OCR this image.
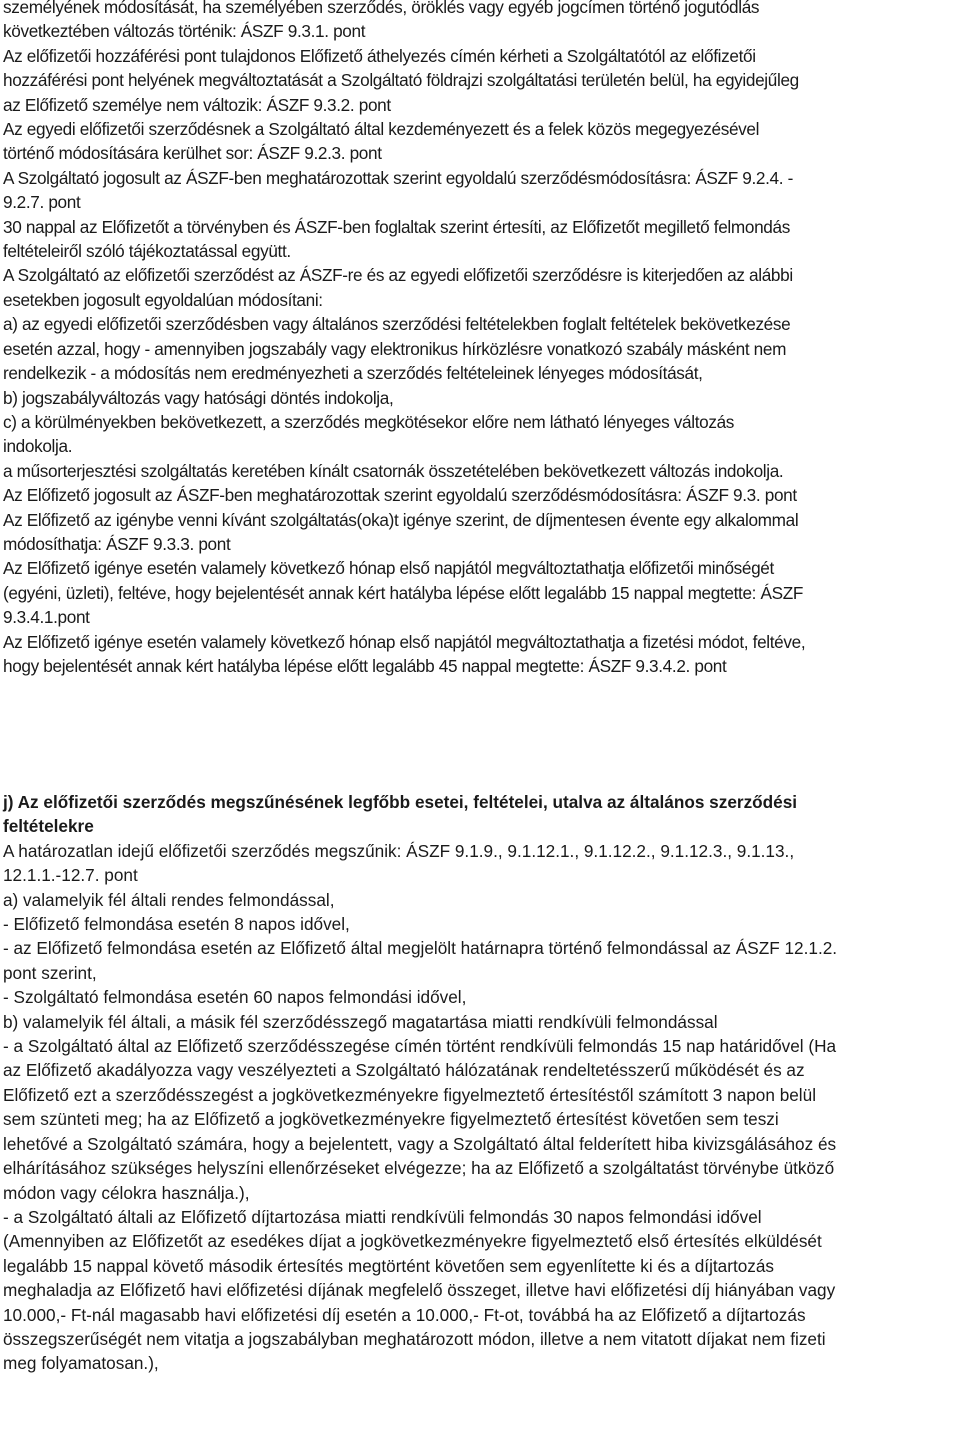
személyének módosítását, ha személyében szerződés, öröklés vagy egyéb jogcímen történő jogutódlás
következtében változás történik: ÁSZF 9.3.1. pont
Az előfizetői hozzáférési pont tulajdonos Előfizető áthelyezés címén kérheti a Szolgáltatótól az előfizetői
hozzáférési pont helyének megváltoztatását a Szolgáltató földrajzi szolgáltatási területén belül, ha egyidejűleg
az Előfizető személye nem változik: ÁSZF 9.3.2. pont
Az egyedi előfizetői szerződésnek a Szolgáltató által kezdeményezett és a felek közös megegyezésével
történő módosítására kerülhet sor: ÁSZF 9.2.3. pont
A Szolgáltató jogosult az ÁSZF-ben meghatározottak szerint egyoldalú szerződésmódosításra: ÁSZF 9.2.4. -
9.2.7. pont
30 nappal az Előfizetőt a törvényben és ÁSZF-ben foglaltak szerint értesíti, az Előfizetőt megillető felmondás
feltételeiről szóló tájékoztatással együtt.
A Szolgáltató az előfizetői szerződést az ÁSZF-re és az egyedi előfizetői szerződésre is kiterjedően az alábbi
esetekben jogosult egyoldalúan módosítani:
a) az egyedi előfizetői szerződésben vagy általános szerződési feltételekben foglalt feltételek bekövetkezése
esetén azzal, hogy - amennyiben jogszabály vagy elektronikus hírközlésre vonatkozó szabály másként nem
rendelkezik - a módosítás nem eredményezheti a szerződés feltételeinek lényeges módosítását,
b) jogszabályváltozás vagy hatósági döntés indokolja,
c) a körülményekben bekövetkezett, a szerződés megkötésekor előre nem látható lényeges változás
indokolja.
a műsorterjesztési szolgáltatás keretében kínált csatornák összetételében bekövetkezett változás indokolja.
Az Előfizető jogosult az ÁSZF-ben meghatározottak szerint egyoldalú szerződésmódosításra: ÁSZF 9.3. pont
Az Előfizető az igénybe venni kívánt szolgáltatás(oka)t igénye szerint, de díjmentesen évente egy alkalommal
módosíthatja: ÁSZF 9.3.3. pont
Az Előfizető igénye esetén valamely következő hónap első napjától megváltoztathatja előfizetői minőségét
(egyéni, üzleti), feltéve, hogy bejelentését annak kért hatályba lépése előtt legalább 15 nappal megtette: ÁSZF
9.3.4.1.pont
Az Előfizető igénye esetén valamely következő hónap első napjától megváltoztathatja a fizetési módot, feltéve,
hogy bejelentését annak kért hatályba lépése előtt legalább 45 nappal megtette: ÁSZF 9.3.4.2. pont
j) Az előfizetői szerződés megszűnésének legfőbb esetei, feltételei, utalva az általános szerződési
feltételekre
A határozatlan idejű előfizetői szerződés megszűnik: ÁSZF 9.1.9., 9.1.12.1., 9.1.12.2., 9.1.12.3., 9.1.13.,
12.1.1.-12.7. pont
a) valamelyik fél általi rendes felmondással,
- Előfizető felmondása esetén 8 napos idővel,
- az Előfizető felmondása esetén az Előfizető által megjelölt határnapra történő felmondással az ÁSZF 12.1.2.
pont szerint,
- Szolgáltató felmondása esetén 60 napos felmondási idővel,
b) valamelyik fél általi, a másik fél szerződésszegő magatartása miatti rendkívüli felmondással
- a Szolgáltató által az Előfizető szerződésszegése címén történt rendkívüli felmondás 15 nap határidővel (Ha
az Előfizető akadályozza vagy veszélyezteti a Szolgáltató hálózatának rendeltetésszerű működését és az
Előfizető ezt a szerződésszegést a jogkövetkezményekre figyelmeztető értesítéstől számított 3 napon belül
sem szünteti meg; ha az Előfizető a jogkövetkezményekre figyelmeztető értesítést követően sem teszi
lehetővé a Szolgáltató számára, hogy a bejelentett, vagy a Szolgáltató által felderített hiba kivizsgálásához és
elhárításához szükséges helyszíni ellenőrzéseket elvégezze; ha az Előfizető a szolgáltatást törvénybe ütköző
módon vagy célokra használja.),
- a Szolgáltató általi az Előfizető díjtartozása miatti rendkívüli felmondás 30 napos felmondási idővel
(Amennyiben az Előfizetőt az esedékes díjat a jogkövetkezményekre figyelmeztető első értesítés elküldését
legalább 15 nappal követő második értesítés megtörtént követően sem egyenlítette ki és a díjtartozás
meghaladja az Előfizető havi előfizetési díjának megfelelő összeget, illetve havi előfizetési díj hiányában vagy
10.000,- Ft-nál magasabb havi előfizetési díj esetén a 10.000,- Ft-ot, továbbá ha az Előfizető a díjtartozás
összegszerűségét nem vitatja a jogszabályban meghatározott módon, illetve a nem vitatott díjakat nem fizeti
meg folyamatosan.),
